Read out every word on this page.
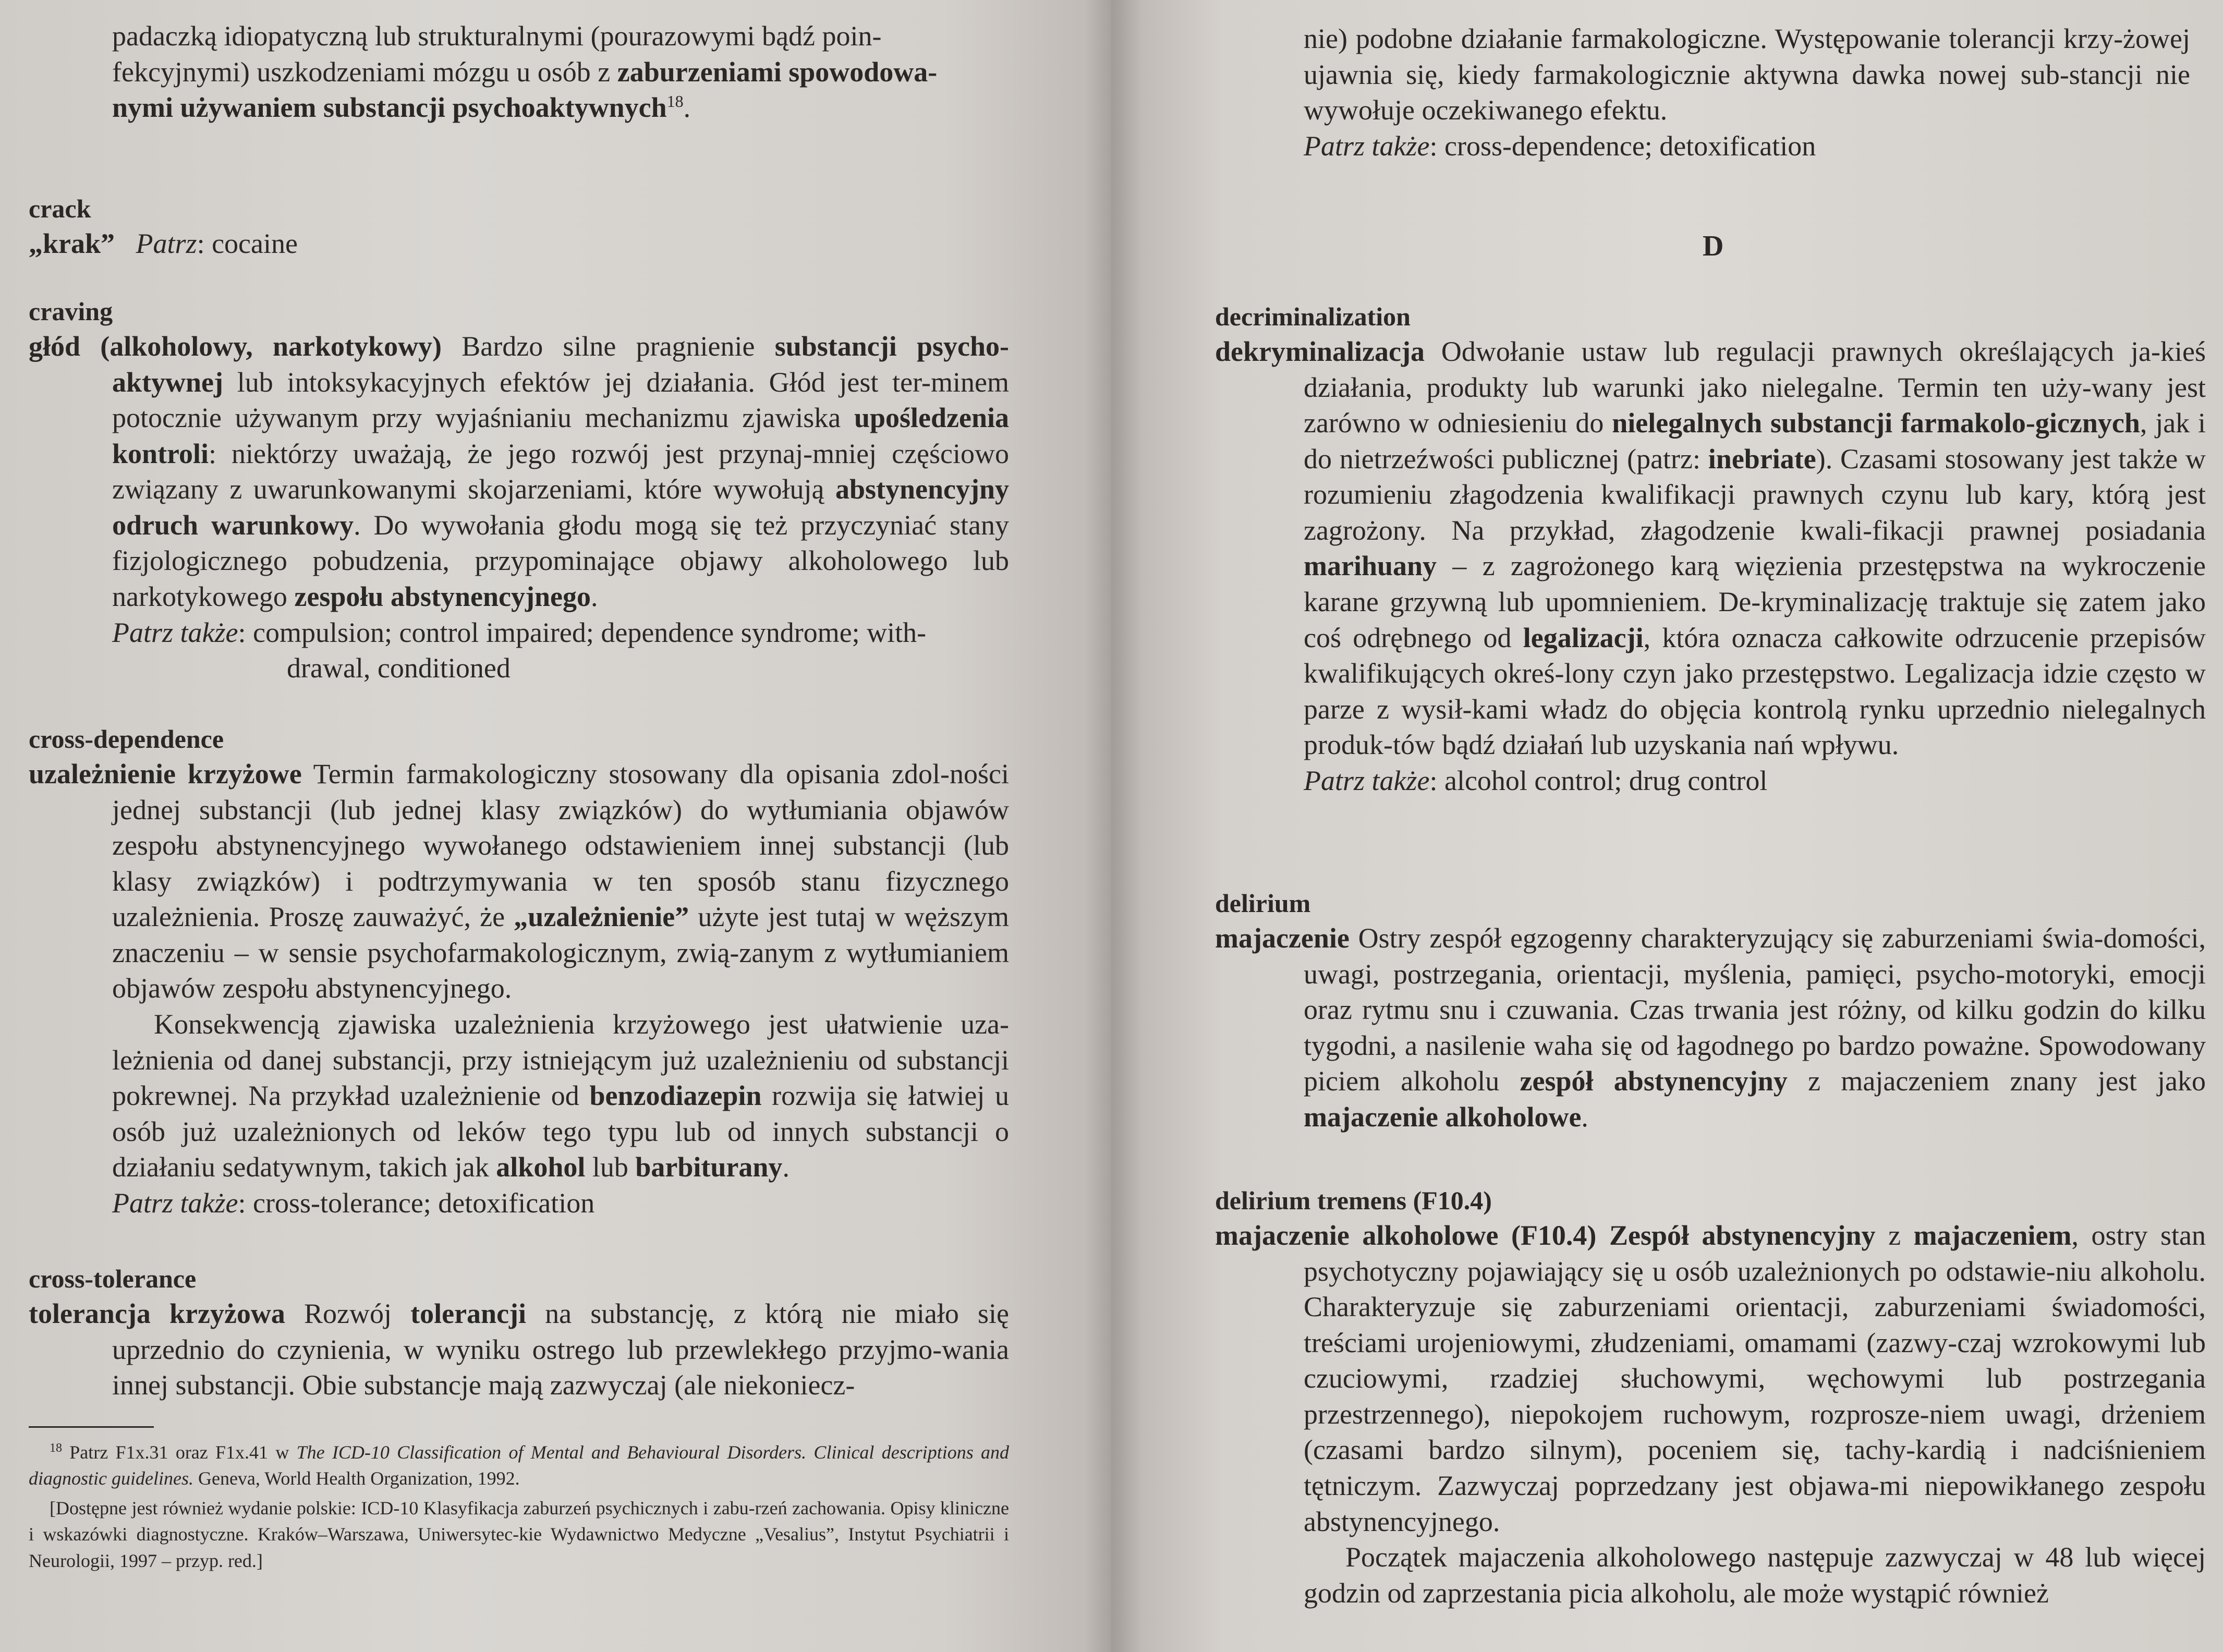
padaczką idiopatyczną lub strukturalnymi (pourazowymi bądź poin-
fekcyjnymi) uszkodzeniami mózgu u osób z zaburzeniami spowodowa-
nymi używaniem substancji psychoaktywnych$^{18}$.
crack
„krak” Patrz: cocaine
craving
głód (alkoholowy, narkotykowy) Bardzo silne pragnienie substancji psycho-aktywnej lub intoksykacyjnych efektów jej działania. Głód jest ter-minem potocznie używanym przy wyjaśnianiu mechanizmu zjawiska upośledzenia kontroli: niektórzy uważają, że jego rozwój jest przynaj-mniej częściowo związany z uwarunkowanymi skojarzeniami, które wywołują abstynencyjny odruch warunkowy. Do wywołania głodu mogą się też przyczyniać stany fizjologicznego pobudzenia, przypominające objawy alkoholowego lub narkotykowego zespołu abstynencyjnego.
Patrz także: compulsion; control impaired; dependence syndrome; with-
drawal, conditioned
cross-dependence
uzależnienie krzyżowe Termin farmakologiczny stosowany dla opisania zdol-ności jednej substancji (lub jednej klasy związków) do wytłumiania objawów zespołu abstynencyjnego wywołanego odstawieniem innej substancji (lub klasy związków) i podtrzymywania w ten sposób stanu fizycznego uzależnienia. Proszę zauważyć, że „uzależnienie” użyte jest tutaj w węższym znaczeniu – w sensie psychofarmakologicznym, zwią-zanym z wytłumianiem objawów zespołu abstynencyjnego.
Konsekwencją zjawiska uzależnienia krzyżowego jest ułatwienie uza-leżnienia od danej substancji, przy istniejącym już uzależnieniu od substancji pokrewnej. Na przykład uzależnienie od benzodiazepin rozwija się łatwiej u osób już uzależnionych od leków tego typu lub od innych substancji o działaniu sedatywnym, takich jak alkohol lub barbiturany.
Patrz także: cross-tolerance; detoxification
cross-tolerance
tolerancja krzyżowa Rozwój tolerancji na substancję, z którą nie miało się uprzednio do czynienia, w wyniku ostrego lub przewlekłego przyjmo-wania innej substancji. Obie substancje mają zazwyczaj (ale niekoniecz-
$^{18}$ Patrz F1x.31 oraz F1x.41 w The ICD-10 Classification of Mental and Behavioural Disorders. Clinical descriptions and diagnostic guidelines. Geneva, World Health Organization, 1992.
[Dostępne jest również wydanie polskie: ICD-10 Klasyfikacja zaburzeń psychicznych i zabu-rzeń zachowania. Opisy kliniczne i wskazówki diagnostyczne. Kraków–Warszawa, Uniwersytec-kie Wydawnictwo Medyczne „Vesalius”, Instytut Psychiatrii i Neurologii, 1997 – przyp. red.]
nie) podobne działanie farmakologiczne. Występowanie tolerancji krzy-żowej ujawnia się, kiedy farmakologicznie aktywna dawka nowej sub-stancji nie wywołuje oczekiwanego efektu.
Patrz także: cross-dependence; detoxification
D
decriminalization
dekryminalizacja Odwołanie ustaw lub regulacji prawnych określających ja-kieś działania, produkty lub warunki jako nielegalne. Termin ten uży-wany jest zarówno w odniesieniu do nielegalnych substancji farmakolo-gicznych, jak i do nietrzeźwości publicznej (patrz: inebriate). Czasami stosowany jest także w rozumieniu złagodzenia kwalifikacji prawnych czynu lub kary, którą jest zagrożony. Na przykład, złagodzenie kwali-fikacji prawnej posiadania marihuany – z zagrożonego karą więzienia przestępstwa na wykroczenie karane grzywną lub upomnieniem. De-kryminalizację traktuje się zatem jako coś odrębnego od legalizacji, która oznacza całkowite odrzucenie przepisów kwalifikujących okreś-lony czyn jako przestępstwo. Legalizacja idzie często w parze z wysił-kami władz do objęcia kontrolą rynku uprzednio nielegalnych produk-tów bądź działań lub uzyskania nań wpływu.
Patrz także: alcohol control; drug control
delirium
majaczenie Ostry zespół egzogenny charakteryzujący się zaburzeniami świa-domości, uwagi, postrzegania, orientacji, myślenia, pamięci, psycho-motoryki, emocji oraz rytmu snu i czuwania. Czas trwania jest różny, od kilku godzin do kilku tygodni, a nasilenie waha się od łagodnego po bardzo poważne. Spowodowany piciem alkoholu zespół abstynencyjny z majaczeniem znany jest jako majaczenie alkoholowe.
delirium tremens (F10.4)
majaczenie alkoholowe (F10.4) Zespół abstynencyjny z majaczeniem, ostry stan psychotyczny pojawiający się u osób uzależnionych po odstawie-niu alkoholu. Charakteryzuje się zaburzeniami orientacji, zaburzeniami świadomości, treściami urojeniowymi, złudzeniami, omamami (zazwy-czaj wzrokowymi lub czuciowymi, rzadziej słuchowymi, węchowymi lub postrzegania przestrzennego), niepokojem ruchowym, rozprosze-niem uwagi, drżeniem (czasami bardzo silnym), poceniem się, tachy-kardią i nadciśnieniem tętniczym. Zazwyczaj poprzedzany jest objawa-mi niepowikłanego zespołu abstynencyjnego.
Początek majaczenia alkoholowego następuje zazwyczaj w 48 lub więcej godzin od zaprzestania picia alkoholu, ale może wystąpić również
